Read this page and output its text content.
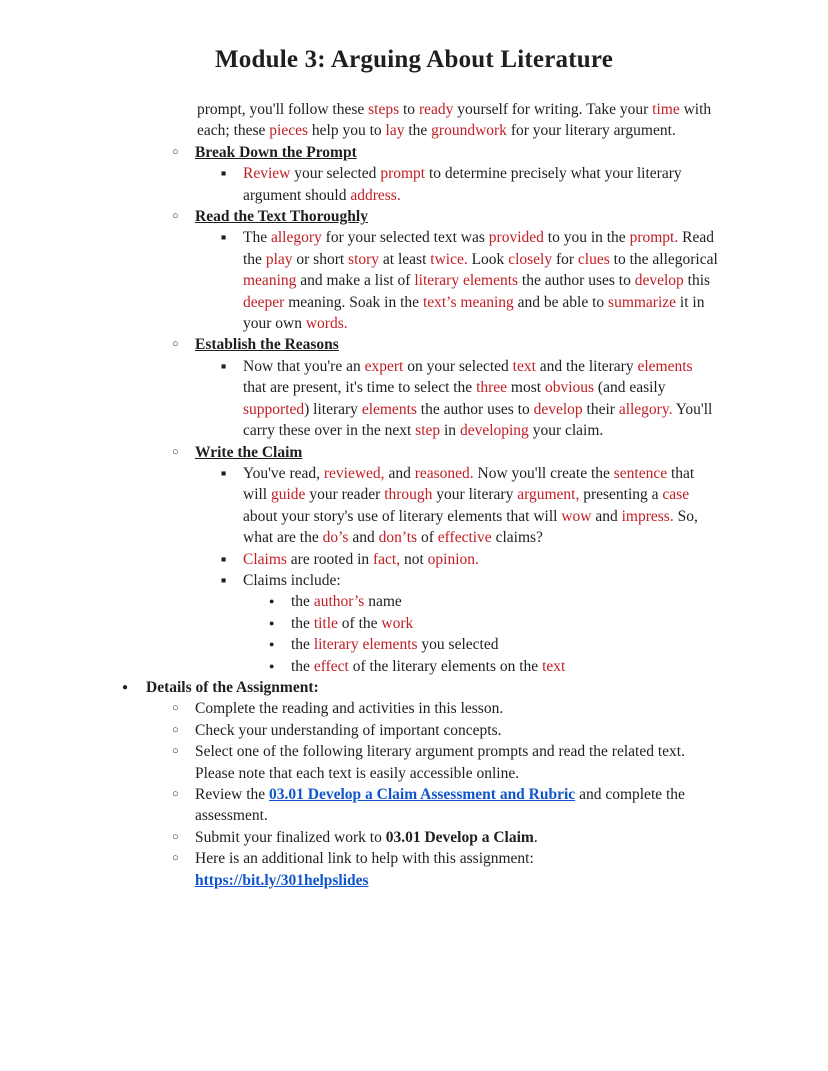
Module 3: Arguing About Literature
prompt, you'll follow these steps to ready yourself for writing. Take your time with each; these pieces help you to lay the groundwork for your literary argument.
○	Break Down the Prompt
■	Review your selected prompt to determine precisely what your literary argument should address.
○	Read the Text Thoroughly
■	The allegory for your selected text was provided to you in the prompt. Read the play or short story at least twice. Look closely for clues to the allegorical meaning and make a list of literary elements the author uses to develop this deeper meaning. Soak in the text’s meaning and be able to summarize it in your own words.
○	Establish the Reasons
■	Now that you're an expert on your selected text and the literary elements that are present, it's time to select the three most obvious (and easily supported) literary elements the author uses to develop their allegory. You'll carry these over in the next step in developing your claim.
○	Write the Claim
■	You've read, reviewed, and reasoned. Now you'll create the sentence that will guide your reader through your literary argument, presenting a case about your story's use of literary elements that will wow and impress. So, what are the do’s and don’ts of effective claims?
■	Claims are rooted in fact, not opinion.
■	Claims include:
●	the author’s name
●	the title of the work
●	the literary elements you selected
●	the effect of the literary elements on the text
●	Details of the Assignment:
○	Complete the reading and activities in this lesson.
○	Check your understanding of important concepts.
○	Select one of the following literary argument prompts and read the related text. Please note that each text is easily accessible online.
○	Review the 03.01 Develop a Claim Assessment and Rubric and complete the assessment.
○	Submit your finalized work to 03.01 Develop a Claim.
○	Here is an additional link to help with this assignment:
https://bit.ly/301helpslides
